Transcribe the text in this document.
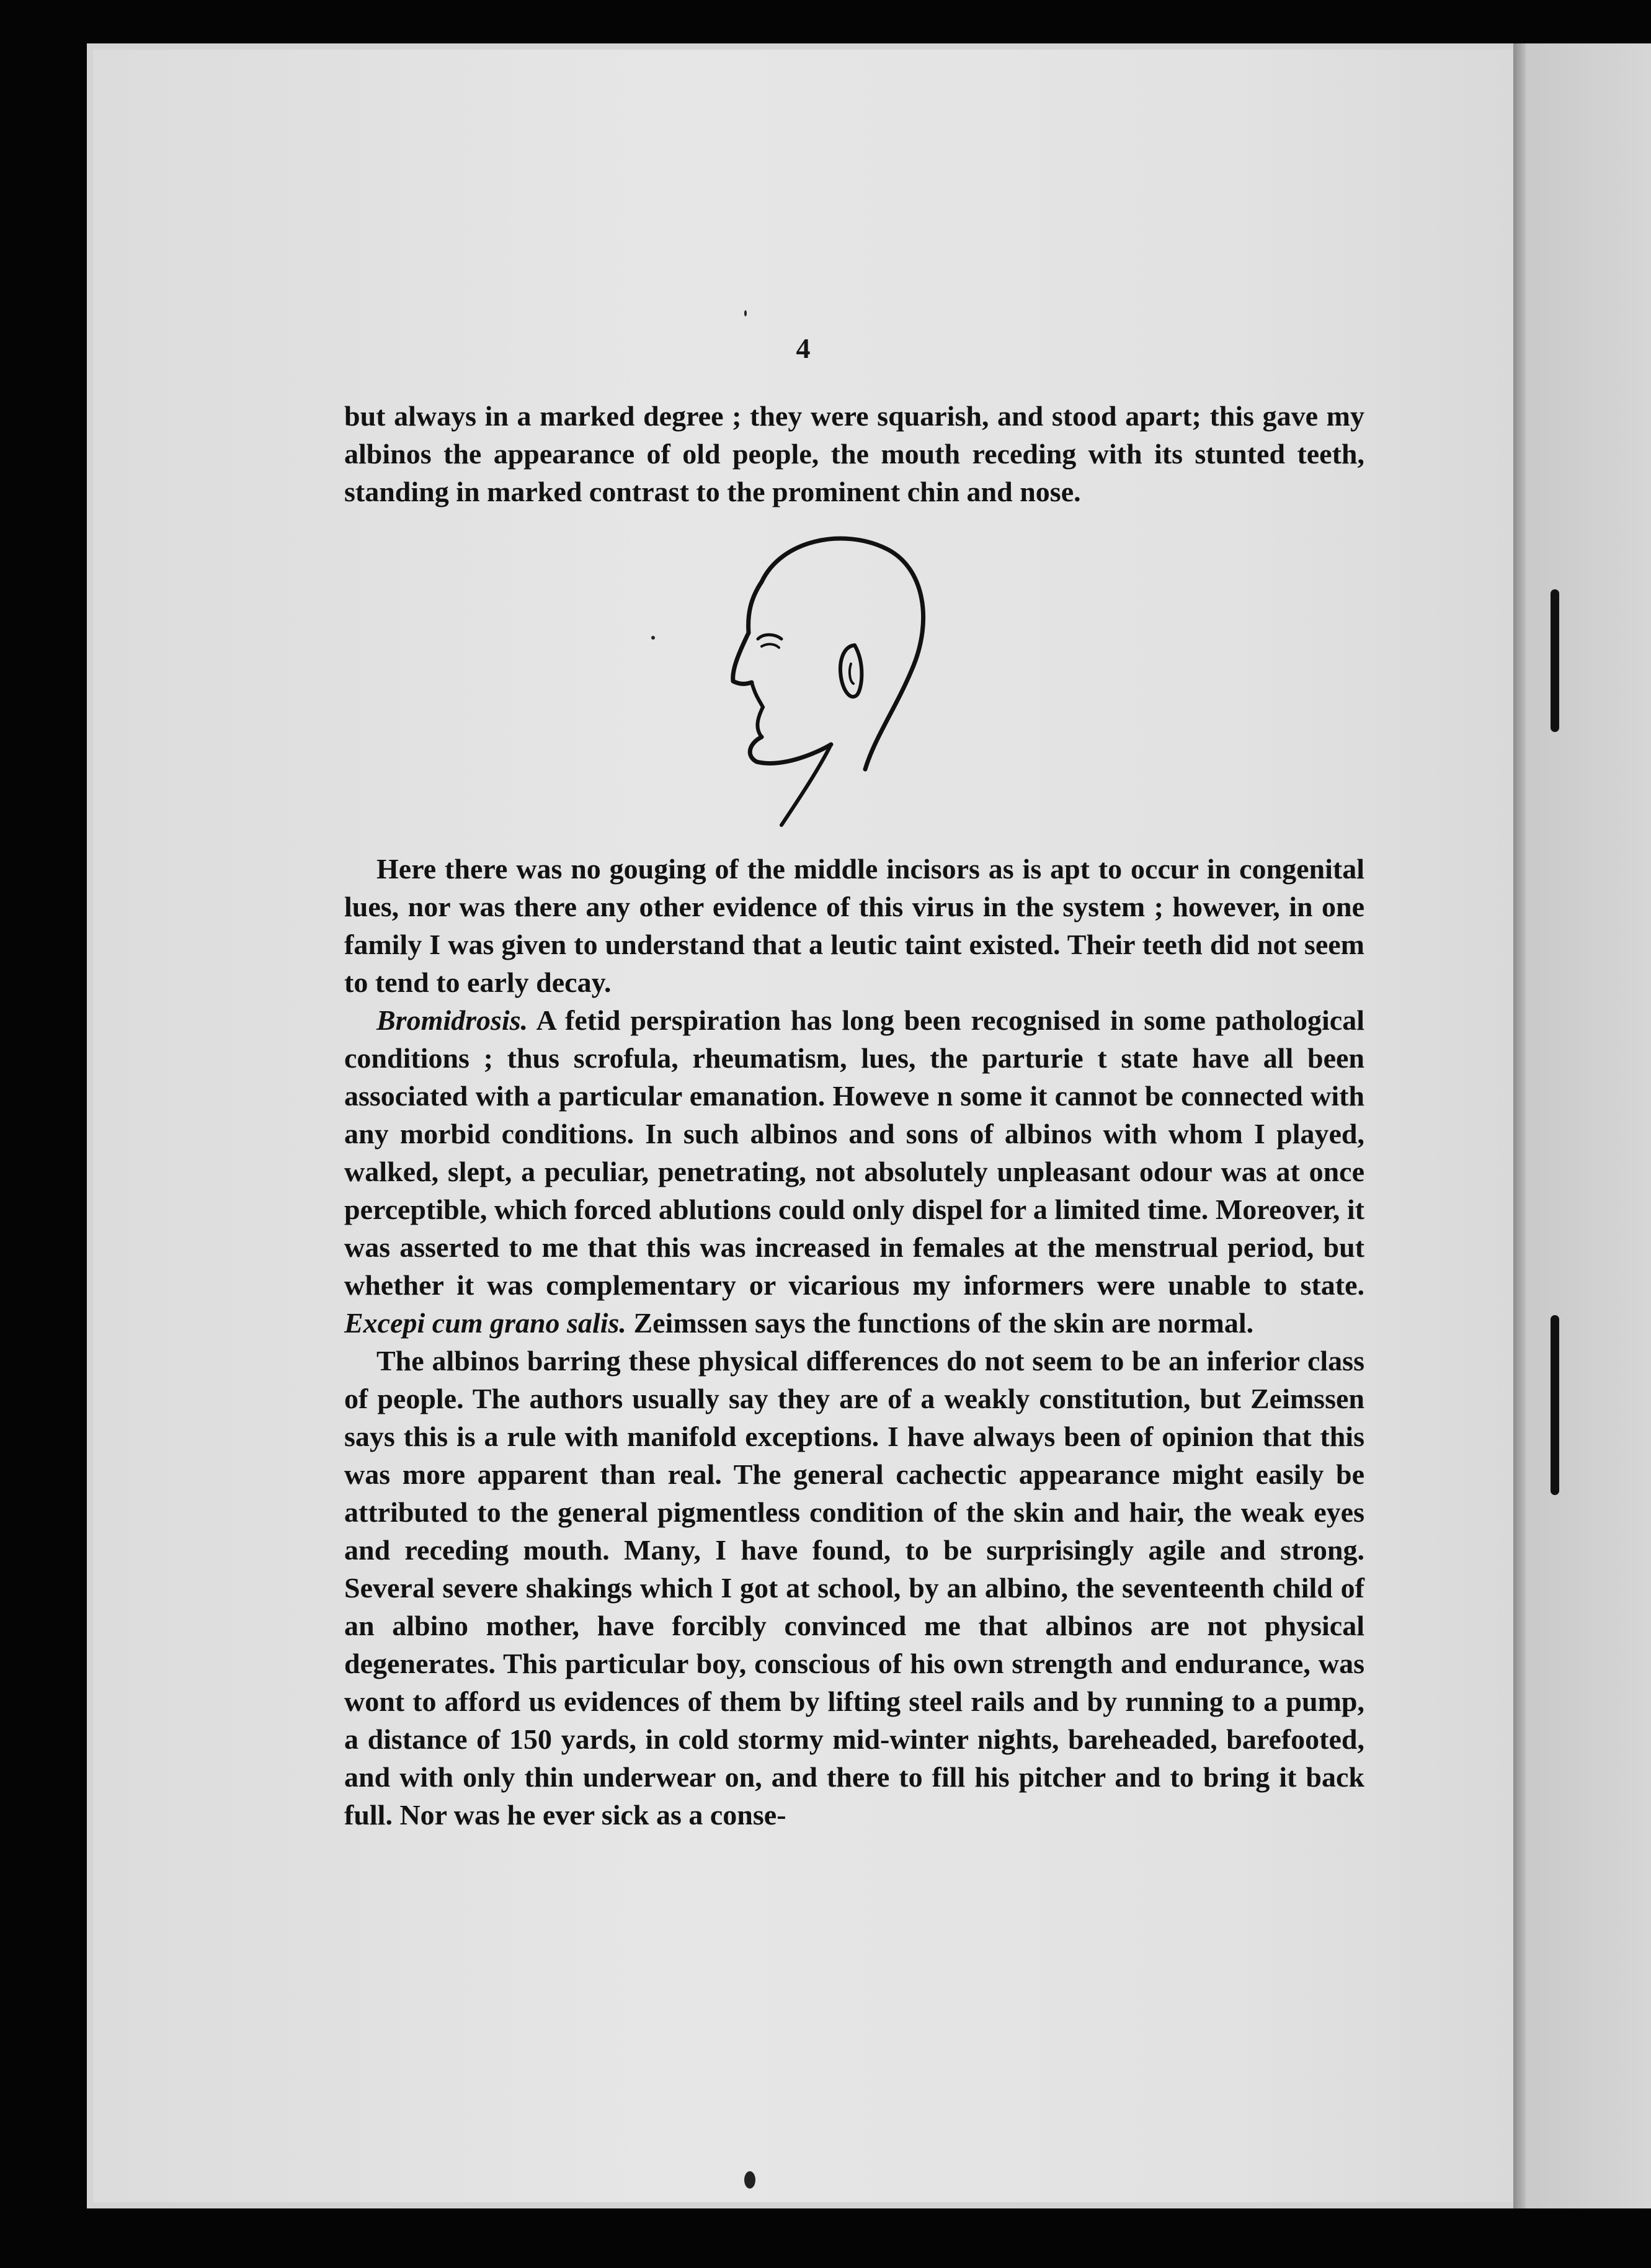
4

but always in a marked degree ; they were squarish, and stood apart; this gave my albinos the appearance of old people, the mouth receding with its stunted teeth, standing in marked contrast to the prominent chin and nose.

Here there was no gouging of the middle incisors as is apt to occur in congenital lues, nor was there any other evidence of this virus in the system ; however, in one family I was given to understand that a leutic taint existed. Their teeth did not seem to tend to early decay.

Bromidrosis. A fetid perspiration has long been recognised in some pathological conditions ; thus scrofula, rheumatism, lues, the parturie t state have all been associated with a particular emanation. Howeve n some it cannot be connected with any morbid conditions. In such albinos and sons of albinos with whom I played, walked, slept, a peculiar, penetrating, not absolutely unpleasant odour was at once perceptible, which forced ablutions could only dispel for a limited time. Moreover, it was asserted to me that this was increased in females at the menstrual period, but whether it was complementary or vicarious my informers were unable to state. Excepi cum grano salis. Zeimssen says the functions of the skin are normal.

The albinos barring these physical differences do not seem to be an inferior class of people. The authors usually say they are of a weakly constitution, but Zeimssen says this is a rule with manifold exceptions. I have always been of opinion that this was more apparent than real. The general cachectic appearance might easily be attributed to the general pigmentless condition of the skin and hair, the weak eyes and receding mouth. Many, I have found, to be surprisingly agile and strong. Several severe shakings which I got at school, by an albino, the seventeenth child of an albino mother, have forcibly convinced me that albinos are not physical degenerates. This particular boy, conscious of his own strength and endurance, was wont to afford us evidences of them by lifting steel rails and by running to a pump, a distance of 150 yards, in cold stormy mid-winter nights, bareheaded, barefooted, and with only thin underwear on, and there to fill his pitcher and to bring it back full. Nor was he ever sick as a conse-
